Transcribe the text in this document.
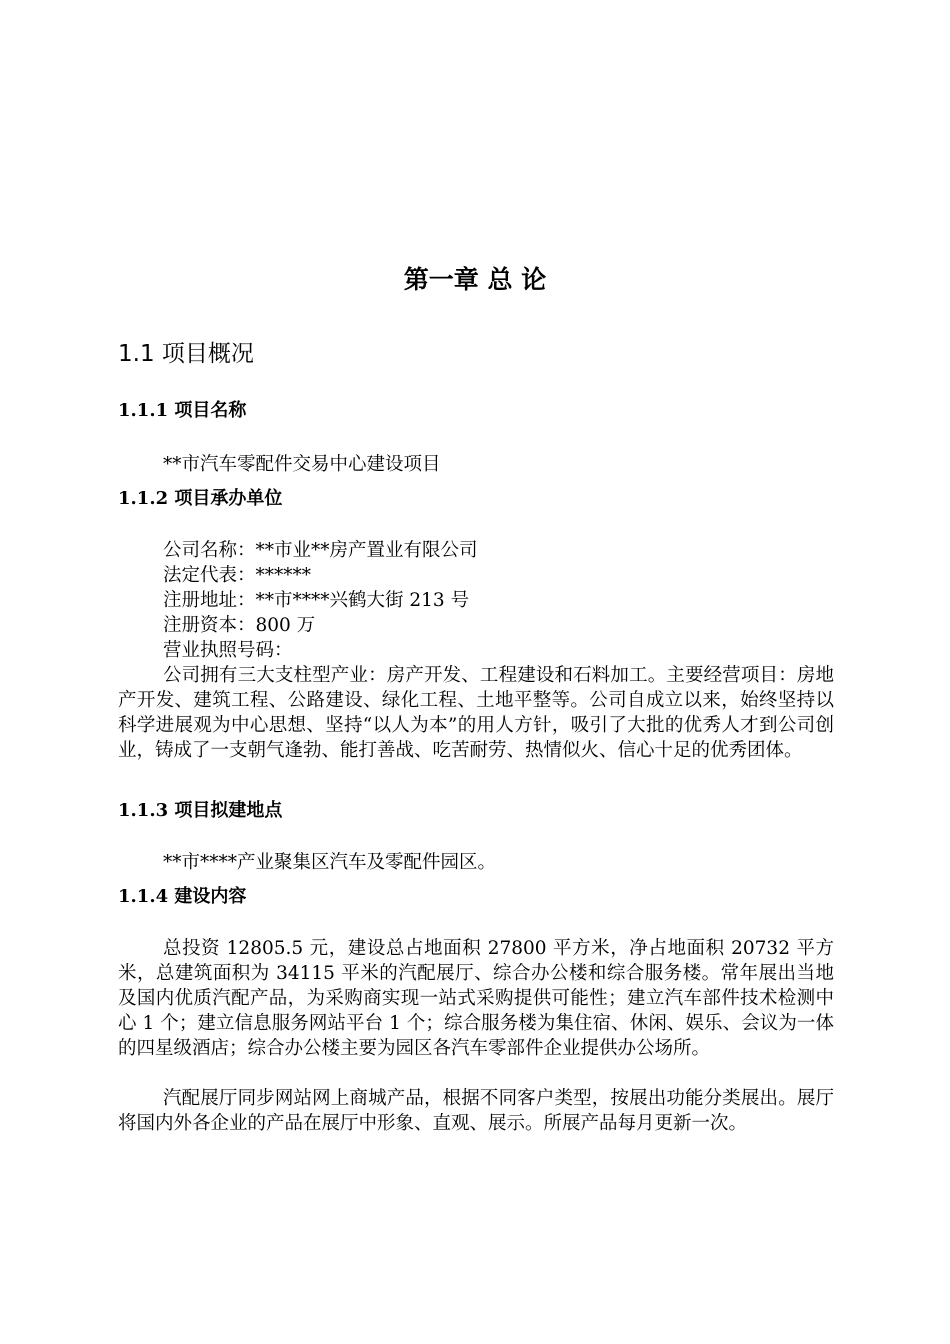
第一章 总 论
1.1 项目概况
1.1.1 项目名称
**市汽车零配件交易中心建设项目
1.1.2 项目承办单位
公司名称：**市业**房产置业有限公司
法定代表：******
注册地址：**市****兴鹤大街 213 号
注册资本：800 万
营业执照号码：

公司拥有三大支柱型产业：房产开发、工程建设和石料加工。主要经营项目：房地产开发、建筑工程、公路建设、绿化工程、土地平整等。公司自成立以来，始终坚持以科学进展观为中心思想、坚持“以人为本”的用人方针，吸引了大批的优秀人才到公司创业，铸成了一支朝气逢勃、能打善战、吃苦耐劳、热情似火、信心十足的优秀团体。

1.1.3 项目拟建地点
**市****产业聚集区汽车及零配件园区。
1.1.4 建设内容

总投资 12805.5 元，建设总占地面积 27800 平方米，净占地面积 20732 平方米，总建筑面积为 34115 平米的汽配展厅、综合办公楼和综合服务楼。常年展出当地及国内优质汽配产品，为采购商实现一站式采购提供可能性；建立汽车部件技术检测中心 1 个；建立信息服务网站平台 1 个；综合服务楼为集住宿、休闲、娱乐、会议为一体的四星级酒店；综合办公楼主要为园区各汽车零部件企业提供办公场所。

汽配展厅同步网站网上商城产品，根据不同客户类型，按展出功能分类展出。展厅将国内外各企业的产品在展厅中形象、直观、展示。所展产品每月更新一次。
